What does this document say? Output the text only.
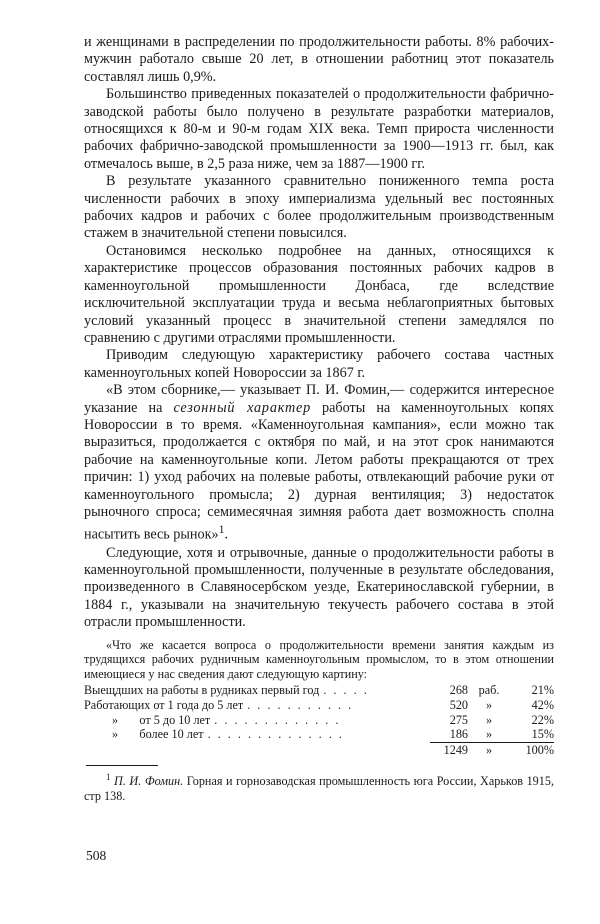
и женщинами в распределении по продолжительности работы. 8% рабочих-мужчин работало свыше 20 лет, в отношении работниц этот показатель составлял лишь 0,9%.

Большинство приведенных показателей о продолжительности фабрично-заводской работы было получено в результате разработки материалов, относящихся к 80-м и 90-м годам XIX века. Темп прироста численности рабочих фабрично-заводской промышленности за 1900—1913 гг. был, как отмечалось выше, в 2,5 раза ниже, чем за 1887—1900 гг.

В результате указанного сравнительно пониженного темпа роста численности рабочих в эпоху империализма удельный вес постоянных рабочих кадров и рабочих с более продолжительным производственным стажем в значительной степени повысился.

Остановимся несколько подробнее на данных, относящихся к характеристике процессов образования постоянных рабочих кадров в каменноугольной промышленности Донбаса, где вследствие исключительной эксплуатации труда и весьма неблагоприятных бытовых условий указанный процесс в значительной степени замедлялся по сравнению с другими отраслями промышленности.

Приводим следующую характеристику рабочего состава частных каменноугольных копей Новороссии за 1867 г.

«В этом сборнике,— указывает П. И. Фомин,— содержится интересное указание на сезонный характер работы на каменноугольных копях Новороссии в то время. «Каменноугольная кампания», если можно так выразиться, продолжается с октября по май, и на этот срок нанимаются рабочие на каменноугольные копи. Летом работы прекращаются от трех причин: 1) уход рабочих на полевые работы, отвлекающий рабочие руки от каменноугольного промысла; 2) дурная вентиляция; 3) недостаток рыночного спроса; семимесячная зимняя работа дает возможность сполна насытить весь рынок»$^1$.

Следующие, хотя и отрывочные, данные о продолжительности работы в каменноугольной промышленности, полученные в результате обследования, произведенного в Славяносербском уезде, Екатеринославской губернии, в 1884 г., указывали на значительную текучесть рабочего состава в этой отрасли промышленности.

«Что же касается вопроса о продолжительности времени занятия каждым из трудящихся рабочих рудничным каменноугольным промыслом, то в этом отношении имеющиеся у нас сведения дают следующую картину:

Выещдших на работы в рудниках первый год . . . . .	268	раб.	21%

Работающих от 1 года до 5 лет . . . . . . . . . . .	520	»	42%

»       от 5 до 10 лет . . . . . . . . . . . . .	275	»	22%

»       более 10 лет . . . . . . . . . . . . . .	186	»	15%
	1249	»	100%

$^1$ П. И. Фомин. Горная и горнозаводская промышленность юга России, Харьков 1915, стр 138.

508
